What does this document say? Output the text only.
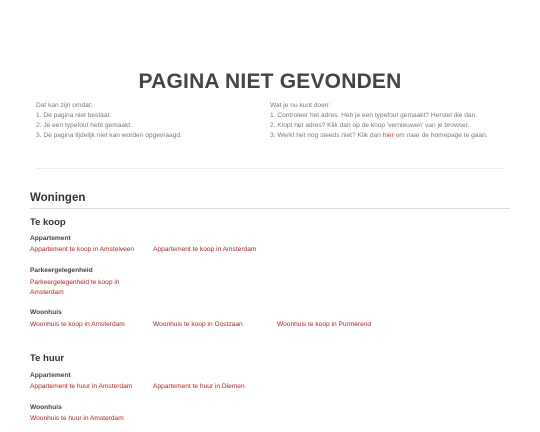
PAGINA NIET GEVONDEN
Dat kan zijn omdat:
1. De pagina niet bestaat.
2. Je een typefout hebt gemaakt.
3. De pagina tijdelijk niet kan worden opgevraagd.
Wat je nu kunt doen:
1. Controleer het adres. Heb je een typefout gemaakt? Herstel die dan.
2. Klopt het adres? Klik dan op de knop 'vernieuwen' van je browser.
3. Werkt het nog steeds niet? Klik dan hier om naar de homepage te gaan.
Woningen
Te koop
Appartement
Appartement te koop in Amstelveen	Appartement te koop in Amsterdam
Parkeergelegenheid
Parkeergelegenheid te koop in
Amsterdam
Woonhuis
Woonhuis te koop in Amsterdam	Woonhuis te koop in Oostzaan	Woonhuis te koop in Purmerend
Te huur
Appartement
Appartement te huur in Amsterdam	Appartement te huur in Diemen
Woonhuis
Woonhuis te huur in Amsterdam
